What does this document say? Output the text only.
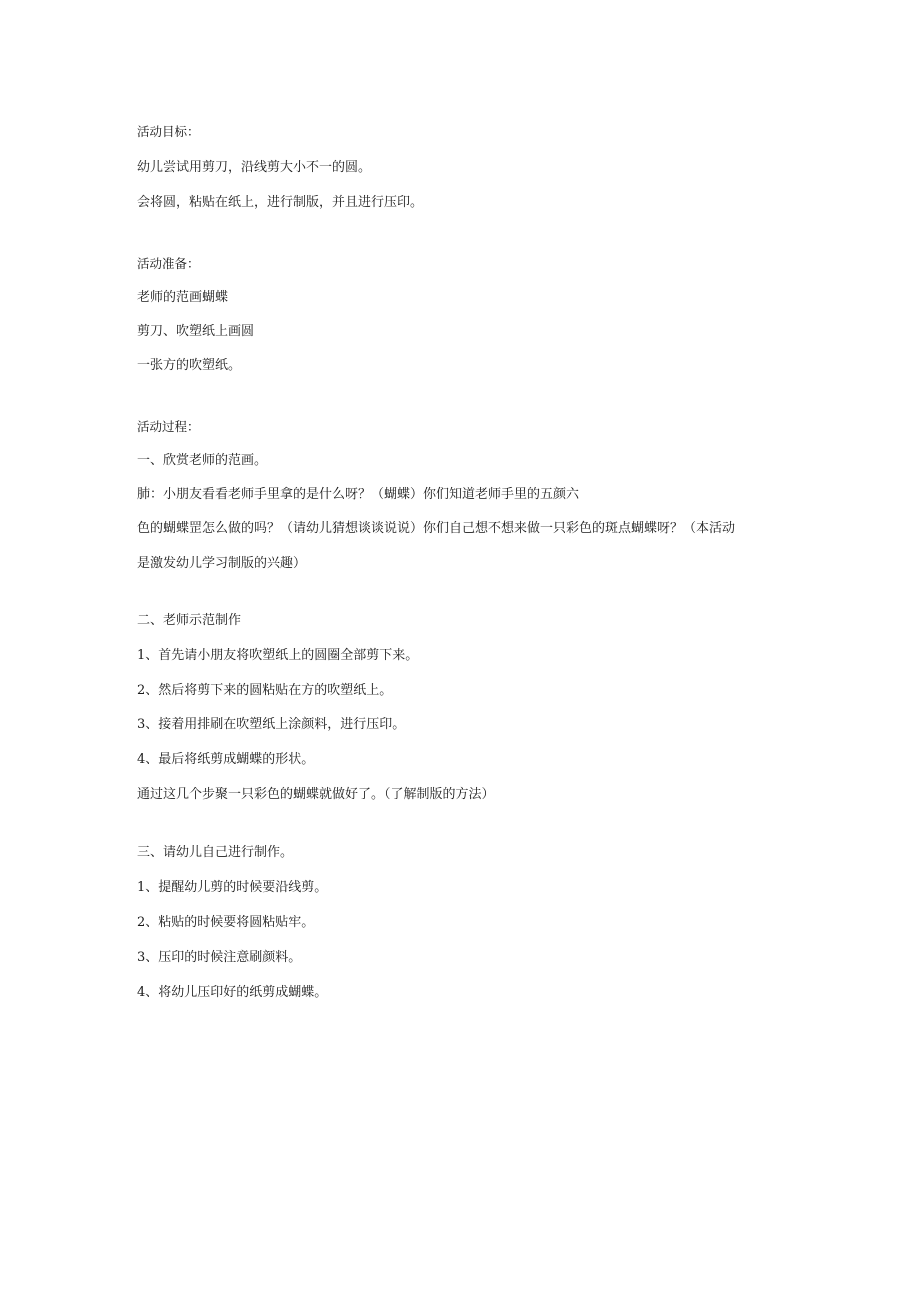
活动目标：
幼儿尝试用剪刀，沿线剪大小不一的圆。
会将圆，粘贴在纸上，进行制版，并且进行压印。
活动准备：
老师的范画蝴蝶
剪刀、吹塑纸上画圆
一张方的吹塑纸。
活动过程：
一、欣赏老师的范画。
肺：小朋友看看老师手里拿的是什么呀？（蝴蝶）你们知道老师手里的五颜六
色的蝴蝶罡怎么做的吗？（请幼儿猜想谈谈说说）你们自己想不想来做一只彩色的斑点蝴蝶呀？（本活动
是激发幼儿学习制版的兴趣）
二、老师示范制作
1、首先请小朋友将吹塑纸上的圆圈全部剪下来。
2、然后将剪下来的圆粘贴在方的吹塑纸上。
3、接着用排刷在吹塑纸上涂颜料，进行压印。
4、最后将纸剪成蝴蝶的形状。
通过这几个步聚一只彩色的蝴蝶就做好了。（了解制版的方法）
三、请幼儿自己进行制作。
1、提醒幼儿剪的时候要沿线剪。
2、粘贴的时候要将圆粘贴牢。
3、压印的时候注意刷颜料。
4、将幼儿压印好的纸剪成蝴蝶。
